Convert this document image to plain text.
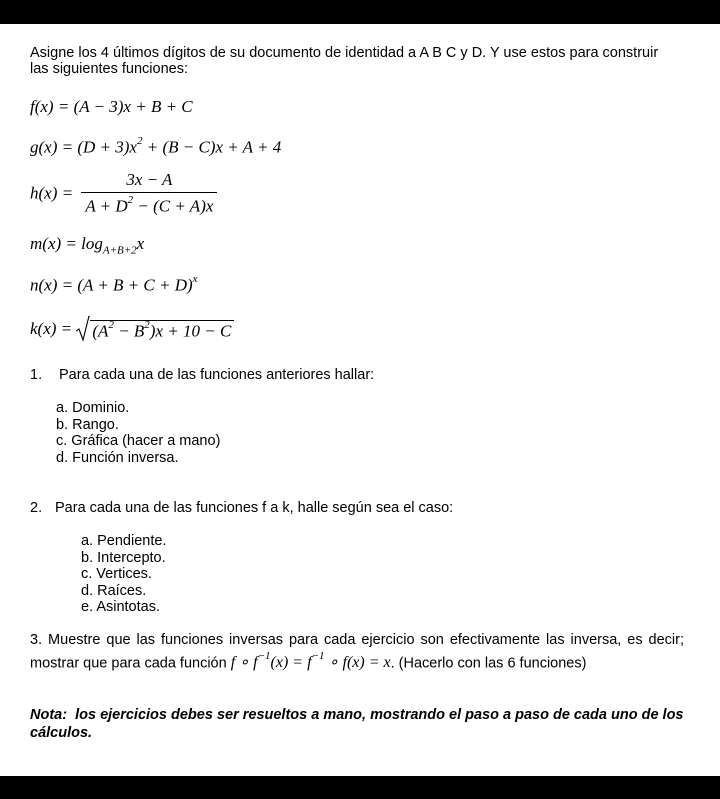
Asigne los 4 últimos dígitos de su documento de identidad a A B C y D. Y use estos para construir las siguientes funciones:
f(x) = (A − 3)x + B + C
$g(x) = (D + 3)x^2 + (B - C)x + A + 4$
$h(x) = \frac{3x - A}{A + D^2 - (C + A)x}$
$m(x) = \log_{A+B+2}x$
$n(x) = (A + B + C + D)^x$
$k(x) = (A^2 - B^2)x + 10 - C$
1. Para cada una de las funciones anteriores hallar:
a. Dominio.
b. Rango.
c. Gráfica (hacer a mano)
d. Función inversa.
2. Para cada una de las funciones f a k, halle según sea el caso:
a. Pendiente.
b. Intercepto.
c. Vertices.
d. Raíces.
e. Asintotas.
3. Muestre que las funciones inversas para cada ejercicio son efectivamente las inversa, es decir; mostrar que para cada función f ∘ $f^{-1}(x) = f^{-1}$ ∘ f(x) = x. (Hacerlo con las 6 funciones)
Nota: los ejercicios debes ser resueltos a mano, mostrando el paso a paso de cada uno de los cálculos.
